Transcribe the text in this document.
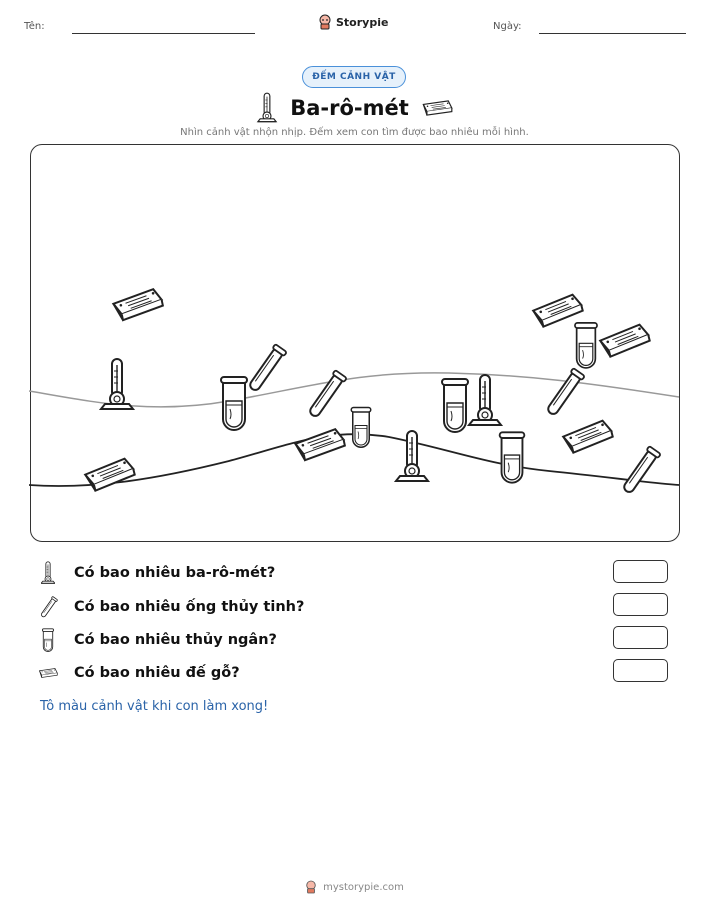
Tên:	Storypie	Ngày:
ĐẾM CẢNH VẬT
Ba-rô-mét
Nhìn cảnh vật nhộn nhịp. Đếm xem con tìm được bao nhiêu mỗi hình.
Có bao nhiêu ba-rô-mét?
Có bao nhiêu ống thủy tinh?
Có bao nhiêu thủy ngân?
Có bao nhiêu đế gỗ?
Tô màu cảnh vật khi con làm xong!
mystorypie.com
